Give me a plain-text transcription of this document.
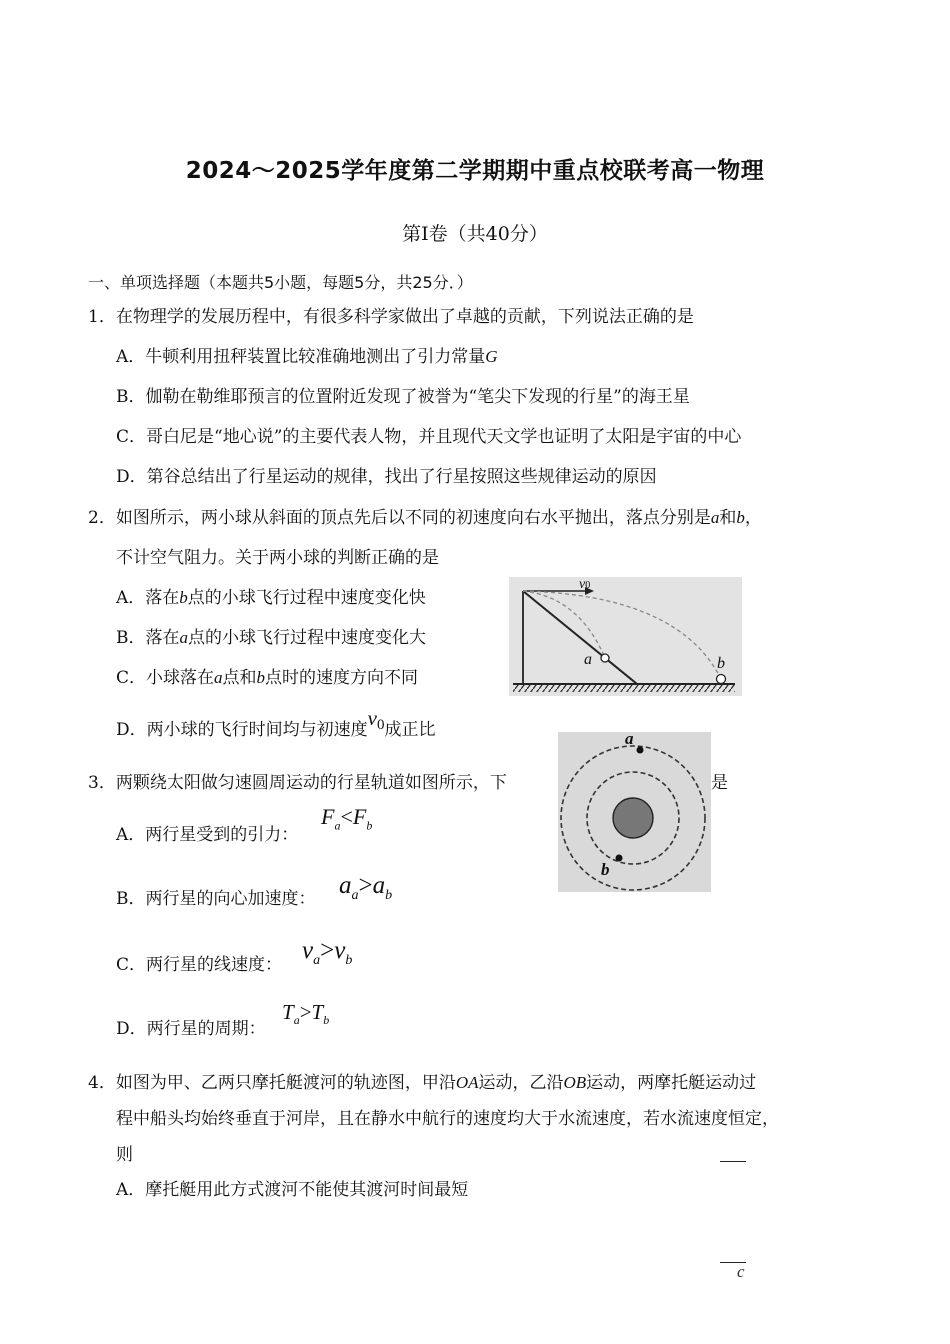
2024～2025学年度第二学期期中重点校联考高一物理
第Ⅰ卷（共40分）
一、单项选择题（本题共5小题，每题5分，共25分．）
1．在物理学的发展历程中，有很多科学家做出了卓越的贡献，下列说法正确的是
A．牛顿利用扭秤装置比较准确地测出了引力常量G
B．伽勒在勒维耶预言的位置附近发现了被誉为“笔尖下发现的行星”的海王星
C．哥白尼是“地心说”的主要代表人物，并且现代天文学也证明了太阳是宇宙的中心
D．第谷总结出了行星运动的规律，找出了行星按照这些规律运动的原因
2．如图所示，两小球从斜面的顶点先后以不同的初速度向右水平抛出，落点分别是a和b，
不计空气阻力。关于两小球的判断正确的是
A．落在b点的小球飞行过程中速度变化快
B．落在a点的小球飞行过程中速度变化大
C．小球落在a点和b点时的速度方向不同
D．两小球的飞行时间均与初速度v0成正比
v0
a	b
3．两颗绕太阳做匀速圆周运动的行星轨道如图所示，下	是
A．两行星受到的引力：
$F_a<F_b$
B．两行星的向心加速度： $a_a>a_b$
C．两行星的线速度：
$v_a>v_b$
D．两行星的周期：
$T_a>T_b$
a
b
4．如图为甲、乙两只摩托艇渡河的轨迹图，甲沿OA运动，乙沿OB运动，两摩托艇运动过
程中船头均始终垂直于河岸，且在静水中航行的速度均大于水流速度，若水流速度恒定，
则
A．摩托艇用此方式渡河不能使其渡河时间最短
c
